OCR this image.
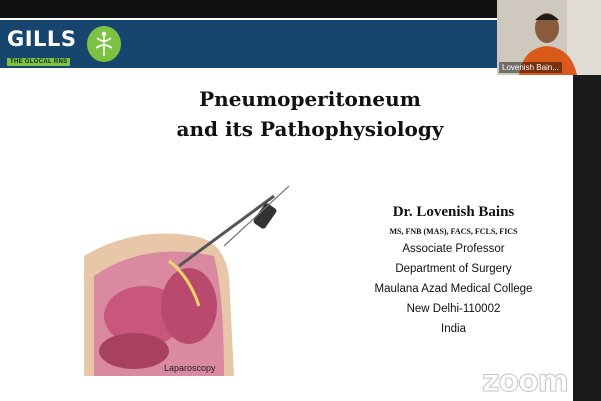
GILLS
THE GLOCAL RNS
Pneumoperitoneum
and its Pathophysiology
Laparoscopy
Dr. Lovenish Bains
MS, FNB (MAS), FACS, FCLS, FICS
Associate Professor
Department of Surgery
Maulana Azad Medical College
New Delhi-110002
India
Lovenish Bain...
zoom
